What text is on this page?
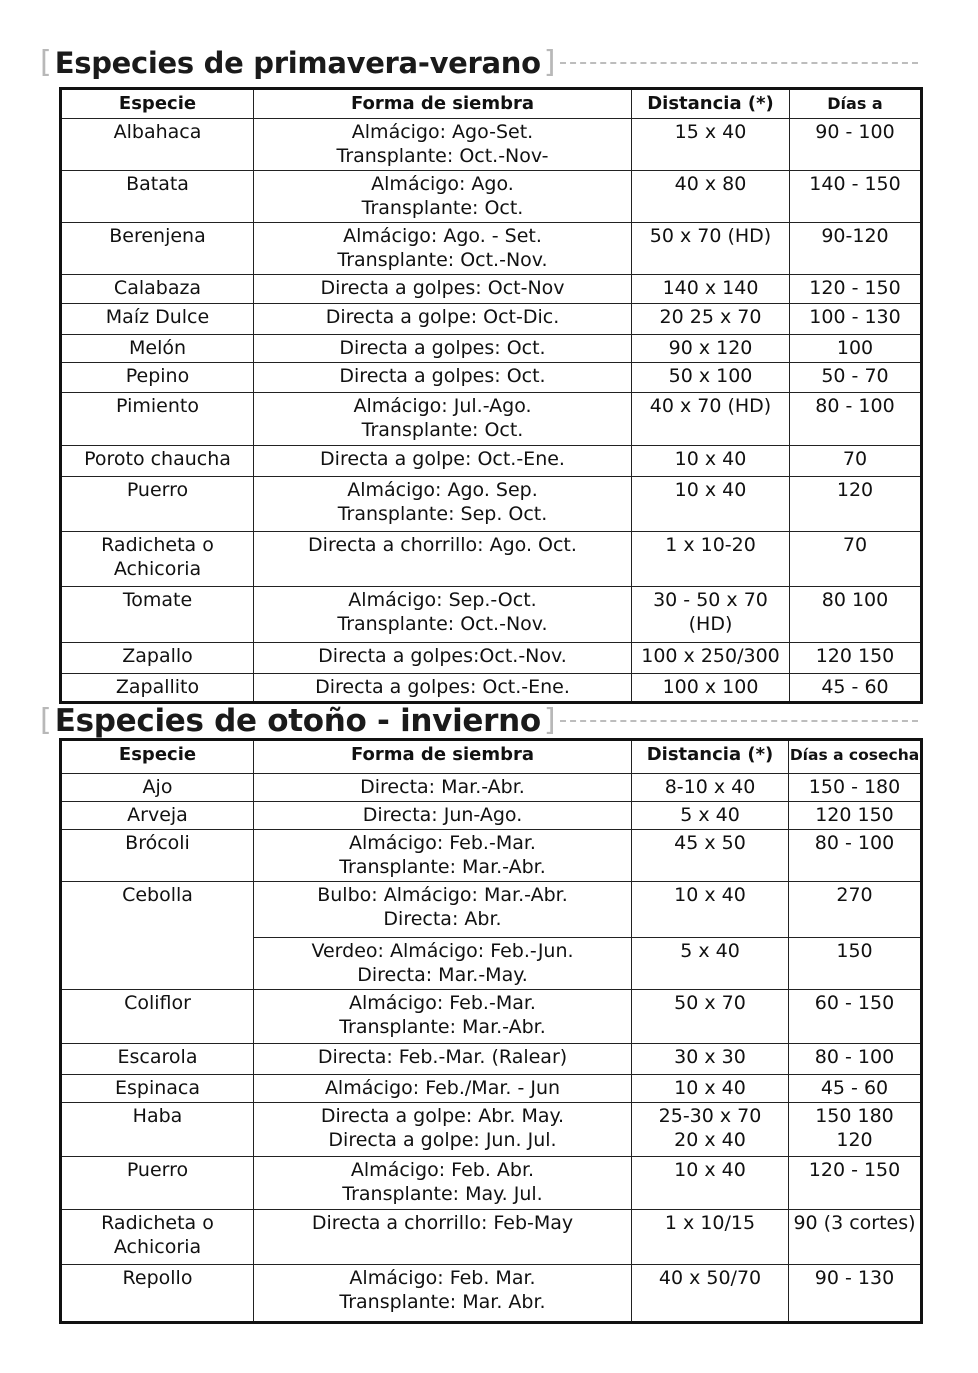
[ Especies de primavera-verano ]
Especie	Forma de siembra	Distancia (*)	Días a

Albahaca	Almácigo: Ago-Set.
Transplante: Oct.-Nov-	15 x 40	90 - 100

Batata	Almácigo: Ago.
Transplante: Oct.	40 x 80	140 - 150

Berenjena	Almácigo: Ago. - Set.
Transplante: Oct.-Nov.	50 x 70 (HD)	90-120

Calabaza	Directa a golpes: Oct-Nov	140 x 140	120 - 150

Maíz Dulce	Directa a golpe: Oct-Dic.	20 25 x 70	100 - 130

Melón	Directa a golpes: Oct.	90 x 120	100

Pepino	Directa a golpes: Oct.	50 x 100	50 - 70

Pimiento	Almácigo: Jul.-Ago.
Transplante: Oct.	40 x 70 (HD)	80 - 100

Poroto chaucha	Directa a golpe: Oct.-Ene.	10 x 40	70

Puerro	Almácigo: Ago. Sep.
Transplante: Sep. Oct.	10 x 40	120

Radicheta o
Achicoria	Directa a chorrillo: Ago. Oct.	1 x 10-20	70

Tomate	Almácigo: Sep.-Oct.
Transplante: Oct.-Nov.	30 - 50 x 70
(HD)	80 100

Zapallo	Directa a golpes:Oct.-Nov.	100 x 250/300	120 150

Zapallito	Directa a golpes: Oct.-Ene.	100 x 100	45 - 60
[ Especies de otoño - invierno ]
Especie	Forma de siembra	Distancia (*)	Días a cosecha

Ajo	Directa: Mar.-Abr.	8-10 x 40	150 - 180

Arveja	Directa: Jun-Ago.	5 x 40	120 150

Brócoli	Almácigo: Feb.-Mar.
Transplante: Mar.-Abr.	45 x 50	80 - 100

Cebolla	Bulbo: Almácigo: Mar.-Abr.
Directa: Abr.	10 x 40	270

	Verdeo: Almácigo: Feb.-Jun.
Directa: Mar.-May.	5 x 40	150

Coliflor	Almácigo: Feb.-Mar.
Transplante: Mar.-Abr.	50 x 70	60 - 150

Escarola	Directa: Feb.-Mar. (Ralear)	30 x 30	80 - 100

Espinaca	Almácigo: Feb./Mar. - Jun	10 x 40	45 - 60

Haba	Directa a golpe: Abr. May.
Directa a golpe: Jun. Jul.	25-30 x 70
20 x 40	150 180
120

Puerro	Almácigo: Feb. Abr.
Transplante: May. Jul.	10 x 40	120 - 150

Radicheta o
Achicoria	Directa a chorrillo: Feb-May	1 x 10/15	90 (3 cortes)

Repollo	Almácigo: Feb. Mar.
Transplante: Mar. Abr.	40 x 50/70	90 - 130
